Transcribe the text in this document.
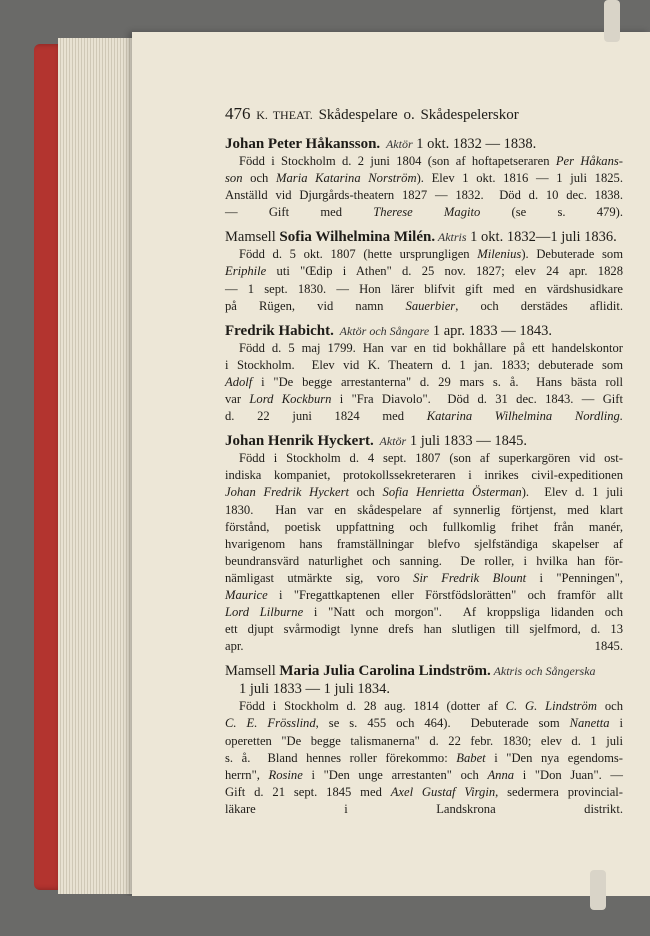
476 K. THEAT. Skådespelare o. Skådespelerskor
Johan Peter Håkansson.  Aktör 1 okt. 1832 — 1838.
Född i Stockholm d. 2 juni 1804 (son af hoftapetseraren Per Håkans-
son och Maria Katarina Norström). Elev 1 okt. 1816 — 1 juli 1825.
Anställd vid Djurgårds-theatern 1827 — 1832.  Död d. 10 dec. 1838.
— Gift med Therese Magito (se s. 479).
Mamsell Sofia Wilhelmina Milén. Aktris 1 okt. 1832—1 juli 1836.
Född d. 5 okt. 1807 (hette ursprungligen Milenius). Debuterade som
Eriphile uti "Œdip i Athen" d. 25 nov. 1827; elev 24 apr. 1828
— 1 sept. 1830. — Hon lärer blifvit gift med en värdshusidkare
på Rügen, vid namn Sauerbier, och derstädes aflidit.
Fredrik Habicht.  Aktör och Sångare 1 apr. 1833 — 1843.
Född d. 5 maj 1799. Han var en tid bokhållare på ett handelskontor
i Stockholm.  Elev vid K. Theatern d. 1 jan. 1833; debuterade som
Adolf i "De begge arrestanterna" d. 29 mars s. å.  Hans bästa roll
var Lord Kockburn i "Fra Diavolo".  Död d. 31 dec. 1843. — Gift
d. 22 juni 1824 med Katarina Wilhelmina Nordling.
Johan Henrik Hyckert.  Aktör 1 juli 1833 — 1845.
Född i Stockholm d. 4 sept. 1807 (son af superkargören vid ost-
indiska kompaniet, protokollssekreteraren i inrikes civil-expeditionen
Johan Fredrik Hyckert och Sofia Henrietta Österman).  Elev d. 1 juli
1830.  Han var en skådespelare af synnerlig förtjenst, med klart
förstånd, poetisk uppfattning och fullkomlig frihet från manér,
hvarigenom hans framställningar blefvo sjelfständiga skapelser af
beundransvärd naturlighet och sanning.  De roller, i hvilka han för-
nämligast utmärkte sig, voro Sir Fredrik Blount i "Penningen",
Maurice i "Fregattkaptenen eller Förstfödslorätten" och framför allt
Lord Lilburne i "Natt och morgon".  Af kroppsliga lidanden och
ett djupt svårmodigt lynne drefs han slutligen till sjelfmord, d. 13
apr. 1845.
Mamsell Maria Julia Carolina Lindström. Aktris och Sångerska
1 juli 1833 — 1 juli 1834.
Född i Stockholm d. 28 aug. 1814 (dotter af C. G. Lindström och
C. E. Frösslind, se s. 455 och 464).  Debuterade som Nanetta i
operetten "De begge talismanerna" d. 22 febr. 1830; elev d. 1 juli
s. å.  Bland hennes roller förekommo: Babet i "Den nya egendoms-
herrn", Rosine i "Den unge arrestanten" och Anna i "Don Juan". —
Gift d. 21 sept. 1845 med Axel Gustaf Virgin, sedermera provincial-
läkare i Landskrona distrikt.
